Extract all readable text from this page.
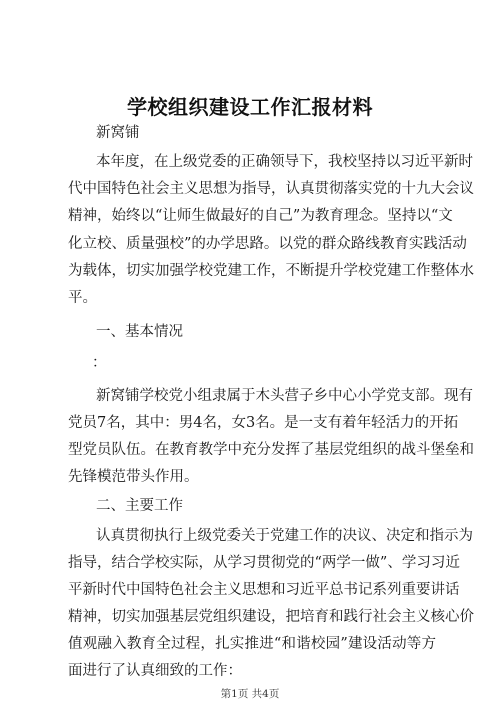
学校组织建设工作汇报材料
新窝铺
本年度，在上级党委的正确领导下，我校坚持以习近平新时
代中国特色社会主义思想为指导，认真贯彻落实党的十九大会议
精神，始终以“让师生做最好的自己”为教育理念。坚持以“文
化立校、质量强校”的办学思路。以党的群众路线教育实践活动
为载体，切实加强学校党建工作，不断提升学校党建工作整体水
平。
一、基本情况
：
新窝铺学校党小组隶属于木头营子乡中心小学党支部。现有
党员7名，其中：男4名，女3名。是一支有着年轻活力的开拓
型党员队伍。在教育教学中充分发挥了基层党组织的战斗堡垒和
先锋模范带头作用。
二、主要工作
认真贯彻执行上级党委关于党建工作的决议、决定和指示为
指导，结合学校实际，从学习贯彻党的“两学一做”、学习习近
平新时代中国特色社会主义思想和习近平总书记系列重要讲话
精神，切实加强基层党组织建设，把培育和践行社会主义核心价
值观融入教育全过程，扎实推进“和谐校园”建设活动等方
面进行了认真细致的工作：
第1页 共4页
